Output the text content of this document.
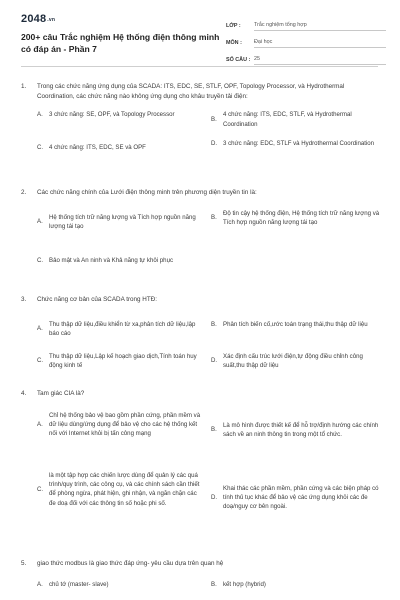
2048.vn
200+ câu Trắc nghiệm Hệ thống điện thông minh có đáp án - Phần 7
LỚP :	Trắc nghiệm tổng hợp
MÔN :	Đại học
SỐ CÂU : 25
1.	Trong các chức năng ứng dụng của SCADA: ITS, EDC, SE, STLF, OPF, Topology Processor, và Hydrothermal Coordination, các chức năng nào không ứng dụng cho khâu truyền tải điện:
A.	3 chức năng: SE, OPF, và Topology Processor
B.
4 chức năng: ITS, EDC, STLF, và Hydrothermal Coordination
C. 4 chức năng: ITS, EDC, SE và OPF
D. 3 chức năng: EDC, STLF và Hydrothermal Coordination
2.	Các chức năng chính của Lưới điện thông minh trên phương diện truyền tin là:
A.
Hệ thống tích trữ năng lượng và Tích hợp nguồn năng lượng tái tạo
B.
Độ tin cậy hệ thống điện, Hệ thống tích trữ năng lượng và Tích hợp nguồn năng lượng tái tạo
C. Bảo mật và An ninh và Khả năng tự khôi phục
3.	Chức năng cơ bản của SCADA trong HTĐ:
A.
Thu thập dữ liệu,điều khiển từ xa,phân tích dữ liệu,lập báo cáo
B.	Phân tích biến cố,ước toán trạng thái,thu thập dữ liệu
C.
Thu thập dữ liệu,Lập kế hoạch giao dịch,Tính toán huy động kinh tế
D.
Xác định cấu trúc lưới điện,tự động điều chỉnh công suất,thu thập dữ liệu
4.	Tam giác CIA là?
A.
Chỉ hệ thống bảo vệ bao gồm phần cứng, phần mềm và dữ liệu dùng/ứng dụng để bảo vệ cho các hệ thống kết nối với Internet khỏi bị tấn công mạng
B.
Là mô hình được thiết kế để hỗ trợ/định hướng các chính sách về an ninh thông tin trong một tổ chức.
C.
là một tập hợp các chiến lược dùng để quản lý các quá trình/quy trình, các công cụ, và các chính sách cần thiết để phòng ngừa, phát hiện, ghi nhận, và ngăn chặn các đe doạ đối với các thông tin số hoặc phi số.
D.
Khai thác các phần mềm, phần cứng và các biện pháp có tính thủ tục khác để bảo vệ các ứng dụng khỏi các đe doạ/nguy cơ bên ngoài.
5.	giao thức modbus là giao thức đáp ứng- yêu cầu dựa trên quan hệ
A.	chủ tớ (master- slave)	B.	kết hợp (hybrid)
